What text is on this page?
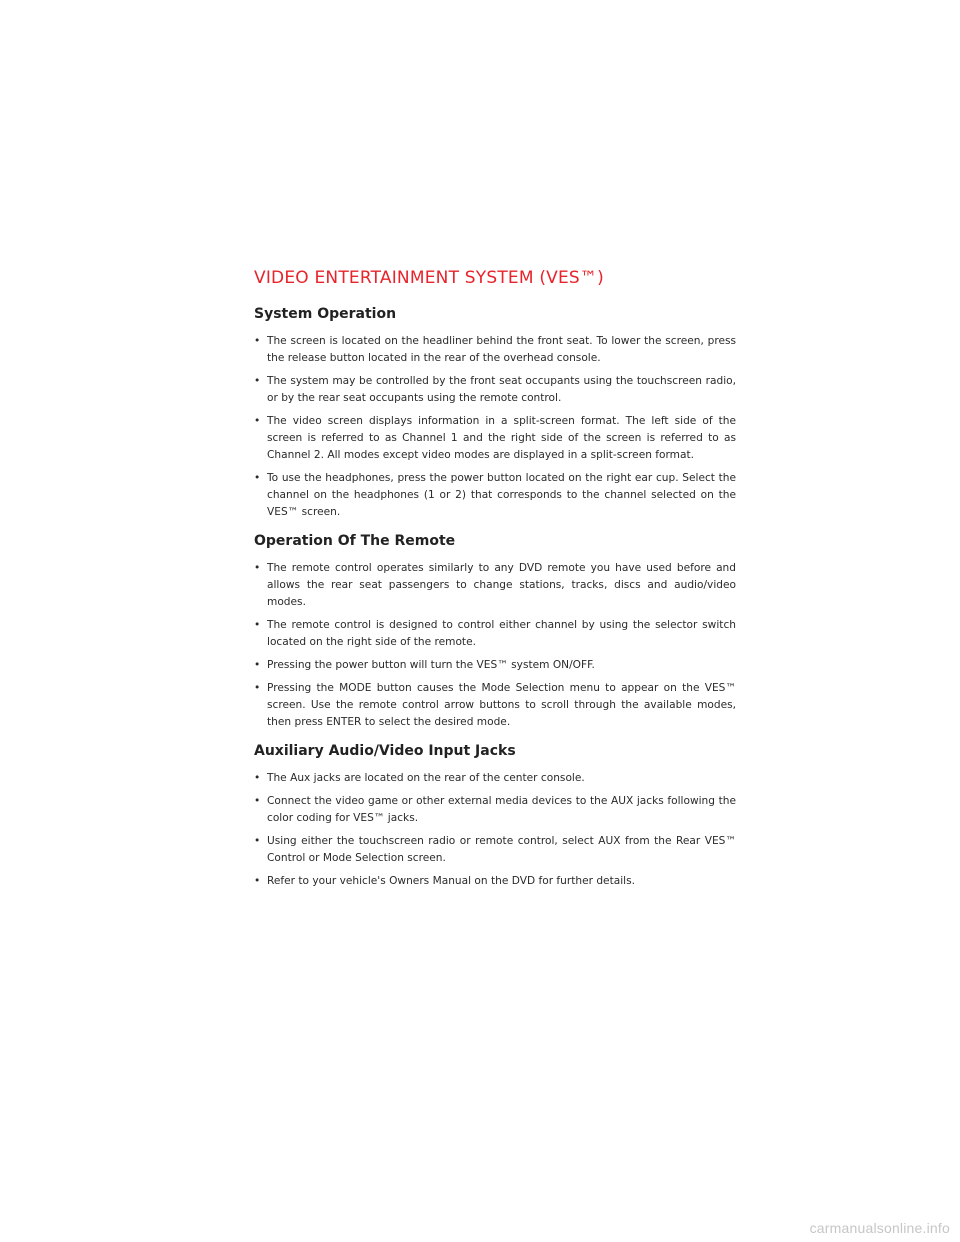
VIDEO ENTERTAINMENT SYSTEM (VES™)
System Operation
• The screen is located on the headliner behind the front seat. To lower the screen, press the release button located in the rear of the overhead console.
• The system may be controlled by the front seat occupants using the touchscreen radio, or by the rear seat occupants using the remote control.
• The video screen displays information in a split-screen format. The left side of the screen is referred to as Channel 1 and the right side of the screen is referred to as Channel 2. All modes except video modes are displayed in a split-screen format.
• To use the headphones, press the power button located on the right ear cup. Select the channel on the headphones (1 or 2) that corresponds to the channel selected on the VES™ screen.
Operation Of The Remote
• The remote control operates similarly to any DVD remote you have used before and allows the rear seat passengers to change stations, tracks, discs and audio/video modes.
• The remote control is designed to control either channel by using the selector switch located on the right side of the remote.
• Pressing the power button will turn the VES™ system ON/OFF.
• Pressing the MODE button causes the Mode Selection menu to appear on the VES™ screen. Use the remote control arrow buttons to scroll through the available modes, then press ENTER to select the desired mode.
Auxiliary Audio/Video Input Jacks
• The Aux jacks are located on the rear of the center console.
• Connect the video game or other external media devices to the AUX jacks following the color coding for VES™ jacks.
• Using either the touchscreen radio or remote control, select AUX from the Rear VES™ Control or Mode Selection screen.
• Refer to your vehicle's Owners Manual on the DVD for further details.
carmanualsonline.info
